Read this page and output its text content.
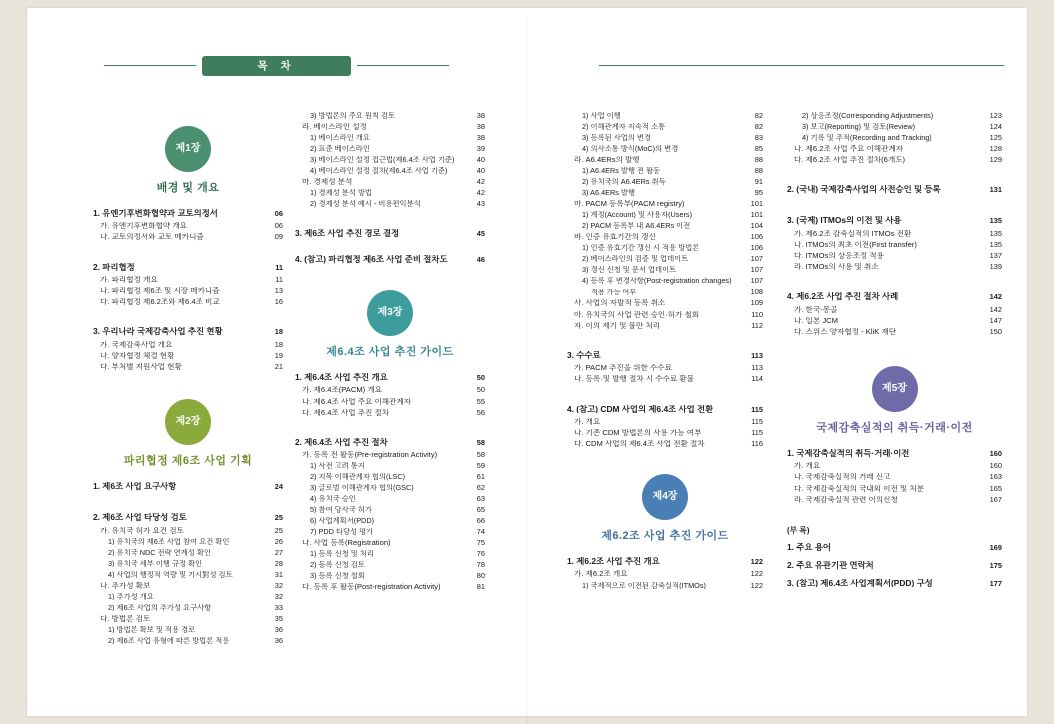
목 차
제1장
배경 및 개요
1. 유엔기후변화협약과 교토의정서	06
가. 유엔기후변화협약 개요	06
나. 교토의정서와 교토 메카니즘	09
2. 파리협정	11
가. 파리협정 개요	11
나. 파리협정 제6조 및 시장 메카니즘	13
다. 파리협정 제6.2조와 제6.4조 비교	16
3. 우리나라 국제감축사업 추진 현황	18
가. 국제감축사업 개요	18
나. 양자협정 체결 현황	19
다. 부처별 지원사업 현황	21
제2장
파리협정 제6조 사업 기획
1. 제6조 사업 요구사항	24
2. 제6조 사업 타당성 검토	25
가. 유치국 허가 요건 검토	25
1) 유치국의 제6조 사업 참여 요건 확인	26
2) 유치국 NDC 전략 연계성 확인	27
3) 유치국 세부 이행 규정 확인	28
4) 사업의 행정적 역량 및 기시對성 검토	31
나. 추가성 확보	32
1) 추가성 개요	32
2) 제6조 사업의 추가성 요구사항	33
다. 방법론 검토	35
1) 방법론 확보 및 적용 경로	36
2) 제6조 사업 유형에 따른 방법론 적용	36
3) 방법론의 주요 원칙 검토	38
라. 베이스라인 설정	38
1) 베이스라인 개요	38
2) 표준 베이스라인	39
3) 베이스라인 설정 접근법(제6.4조 사업 기준)	40
4) 베이스라인 설정 절차(제6.4조 사업 기준)	40
마. 경제성 분석	42
1) 경제성 분석 방법	42
2) 경제성 분석 예시 - 비용편익분석	43
3. 제6조 사업 추진 경로 결정	45
4. (참고) 파리협정 제6조 사업 준비 절차도	46
제3장
제6.4조 사업 추진 가이드
1. 제6.4조 사업 추진 개요	50
가. 제6.4조(PACM) 개요	50
나. 제6.4조 사업 주요 이해관계자	55
다. 제6.4조 사업 추진 절차	56
2. 제6.4조 사업 추진 절차	58
가. 등록 전 활동(Pre-registration Activity)	58
1) 사전 고려 통지	59
2) 지목 이해관계자 협의(LSC)	61
3) 글로벌 이해관계자 협의(GSC)	62
4) 유치국 승인	63
5) 참여 당사국 허가	65
6) 사업계획서(PDD)	66
7) PDD 타당성 평가	74
나. 사업 등록(Registration)	75
1) 등록 신청 및 처리	76
2) 등록 신청 검토	78
3) 등록 신청 철회	80
다. 등록 후 활동(Post-registration Activity)	81
1) 사업 이행	82
2) 이해관계자 지속적 소통	82
3) 등록된 사업의 변경	83
4) 의사소통 방식(MoC)의 변경	85
라. A6.4ERs의 발행	88
1) A6.4ERs 발행 전 활동	88
2) 유치국의 A6.4ERs 취득	91
3) A6.4ERs 발행	95
마. PACM 등록부(PACM registry)	101
1) 계정(Account) 및 사용자(Users)	101
2) PACM 등록부 내 A6.4ERs 이전	104
바. 인증 유효기간의 갱신	106
1) 인증 유효기간 갱신 시 적용 방법론	106
2) 베이스라인의 검증 및 업데이트	107
3) 갱신 신청 및 문서 업데이트	107
4) 등록 후 변경사항(Post-registration changes)	107
적용 가능 여부	108
사. 사업의 자발적 등록 취소	109
아. 유치국의 사업 관련 승인·허가 철회	110
자. 이의 제기 및 불만 처리	112
3. 수수료	113
가. PACM 추진을 위한 수수료	113
나. 등록·및 발행 절차 시 수수료 환불	114
4. (참고) CDM 사업의 제6.4조 사업 전환	115
가. 개요	115
나. 기존 CDM 방법론의 사용 가능 여부	115
다. CDM 사업의 제6.4조 사업 전환 절차	116
제4장
제6.2조 사업 추진 가이드
1. 제6.2조 사업 추진 개요	122
가. 제6.2조 개요	122
1) 국제적으로 이전된 감축실적(ITMOs)	122
2) 상응조정(Corresponding Adjustments)	123
3) 보고(Reporting) 및 검토(Review)	124
4) 기록 및 추적(Recording and Tracking)	125
나. 제6.2조 사업 주요 이해관계자	128
다. 제6.2조 사업 추진 절차(6개도)	129
2. (국내) 국제감축사업의 사전승인 및 등록	131
3. (국제) ITMOs의 이전 및 사용	135
가. 제6.2조 감축실적의 ITMOs 전환	135
나. ITMOs의 최초 이전(First transfer)	135
다. ITMOs의 상응조정 적용	137
라. ITMOs의 사용 및 취소	139
4. 제6.2조 사업 추진 절차 사례	142
가. 한국-몽골	142
나. 일본 JCM	147
다. 스위스 양자협정 - KliK 재단	150
제5장
국제감축실적의 취득·거래·이전
1. 국제감축실적의 취득·거래·이전	160
가. 개요	160
나. 국제감축실적의 거래 신고	163
다. 국제감축실적의 국내외 이전 및 처분	165
라. 국제감축실적 관련 이의신청	167
(부 록)
1. 주요 용어	169
2. 주요 유관기관 연락처	175
3. (참고) 제6.4조 사업계획서(PDD) 구성	177
